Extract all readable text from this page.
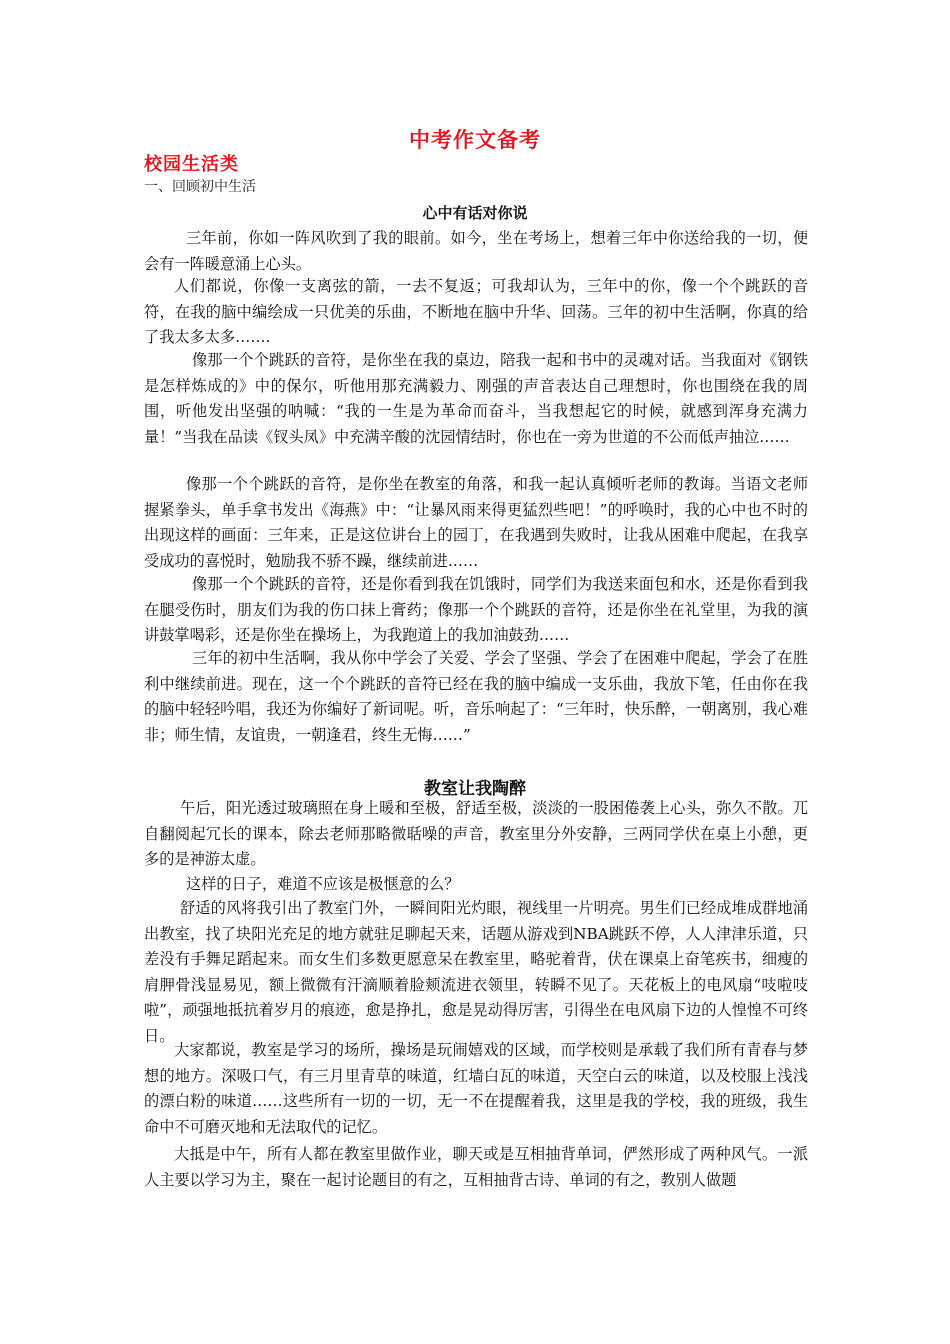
中考作文备考
校园生活类
一、回顾初中生活
心中有话对你说

三年前，你如一阵风吹到了我的眼前。如今，坐在考场上，想着三年中你送给我的一切，便会有一阵暖意涌上心头。

人们都说，你像一支离弦的箭，一去不复返；可我却认为，三年中的你，像一个个跳跃的音符，在我的脑中编绘成一只优美的乐曲，不断地在脑中升华、回荡。三年的初中生活啊，你真的给了我太多太多…….

像那一个个跳跃的音符，是你坐在我的桌边，陪我一起和书中的灵魂对话。当我面对《钢铁是怎样炼成的》中的保尔，听他用那充满毅力、刚强的声音表达自己理想时，你也围绕在我的周围，听他发出坚强的呐喊：“我的一生是为革命而奋斗，当我想起它的时候，就感到浑身充满力量！”当我在品读《钗头凤》中充满辛酸的沈园情结时，你也在一旁为世道的不公而低声抽泣……

像那一个个跳跃的音符，是你坐在教室的角落，和我一起认真倾听老师的教诲。当语文老师握紧拳头，单手拿书发出《海燕》中：“让暴风雨来得更猛烈些吧！”的呼唤时，我的心中也不时的出现这样的画面：三年来，正是这位讲台上的园丁，在我遇到失败时，让我从困难中爬起，在我享受成功的喜悦时，勉励我不骄不躁，继续前进……

像那一个个跳跃的音符，还是你看到我在饥饿时，同学们为我送来面包和水，还是你看到我在腿受伤时，朋友们为我的伤口抹上膏药；像那一个个跳跃的音符，还是你坐在礼堂里，为我的演讲鼓掌喝彩，还是你坐在操场上，为我跑道上的我加油鼓劲……

三年的初中生活啊，我从你中学会了关爱、学会了坚强、学会了在困难中爬起，学会了在胜利中继续前进。现在，这一个个跳跃的音符已经在我的脑中编成一支乐曲，我放下笔，任由你在我的脑中轻轻吟唱，我还为你编好了新词呢。听，音乐响起了：“三年时，快乐醉，一朝离别，我心难非；师生情，友谊贵，一朝逢君，终生无悔……”

教室让我陶醉

午后，阳光透过玻璃照在身上暖和至极，舒适至极，淡淡的一股困倦袭上心头，弥久不散。兀自翻阅起冗长的课本，除去老师那略微聒噪的声音，教室里分外安静，三两同学伏在桌上小憩，更多的是神游太虚。

这样的日子，难道不应该是极惬意的么？

舒适的风将我引出了教室门外，一瞬间阳光灼眼，视线里一片明亮。男生们已经成堆成群地涌出教室，找了块阳光充足的地方就驻足聊起天来，话题从游戏到NBA跳跃不停，人人津津乐道，只差没有手舞足蹈起来。而女生们多数更愿意呆在教室里，略驼着背，伏在课桌上奋笔疾书，细瘦的肩胛骨浅显易见，额上微微有汗滴顺着脸颊流进衣领里，转瞬不见了。天花板上的电风扇“吱啦吱啦”，顽强地抵抗着岁月的痕迹，愈是挣扎，愈是晃动得厉害，引得坐在电风扇下边的人惶惶不可终日。

大家都说，教室是学习的场所，操场是玩闹嬉戏的区域，而学校则是承载了我们所有青春与梦想的地方。深吸口气，有三月里青草的味道，红墙白瓦的味道，天空白云的味道，以及校服上浅浅的漂白粉的味道……这些所有一切的一切，无一不在提醒着我，这里是我的学校，我的班级，我生命中不可磨灭地和无法取代的记忆。

大抵是中午，所有人都在教室里做作业，聊天或是互相抽背单词，俨然形成了两种风气。一派人主要以学习为主，聚在一起讨论题目的有之，互相抽背古诗、单词的有之，教别人做题
